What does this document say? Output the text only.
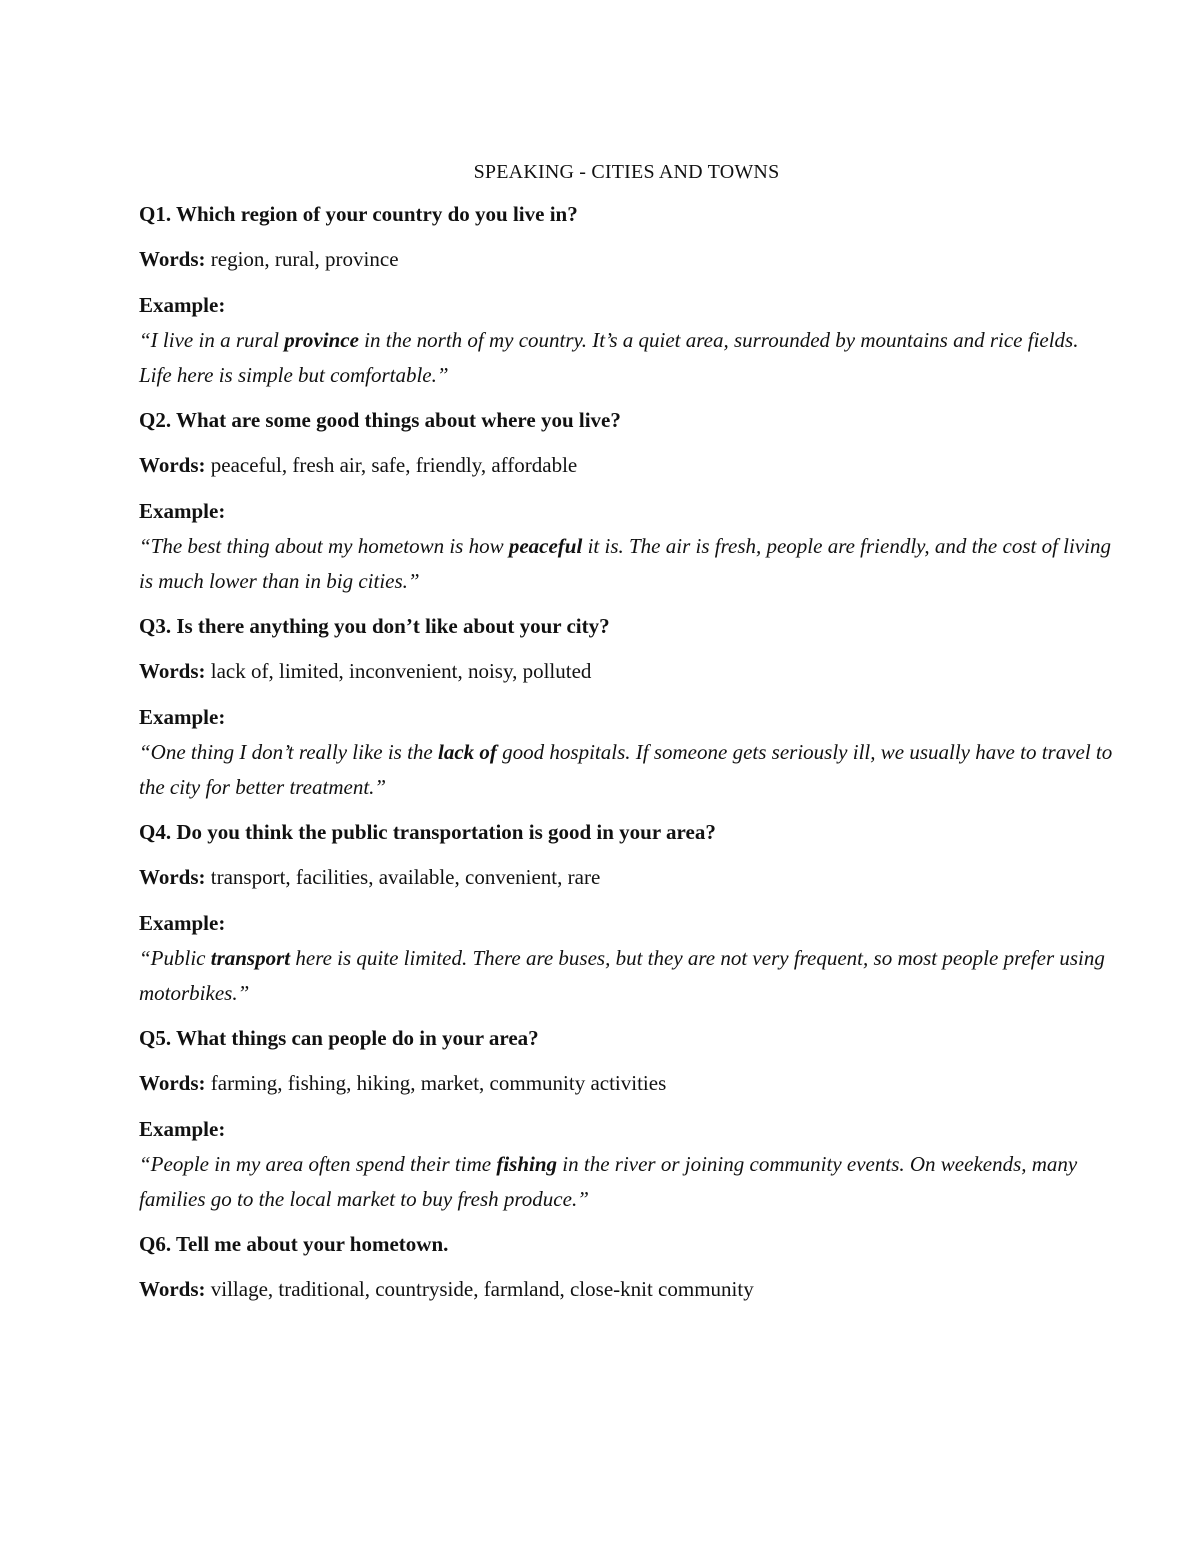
SPEAKING - CITIES AND TOWNS

Q1. Which region of your country do you live in?

Words: region, rural, province

Example:

“I live in a rural province in the north of my country. It’s a quiet area, surrounded by mountains and rice fields. Life here is simple but comfortable.”

Q2. What are some good things about where you live?

Words: peaceful, fresh air, safe, friendly, affordable

Example:

“The best thing about my hometown is how peaceful it is. The air is fresh, people are friendly, and the cost of living is much lower than in big cities.”

Q3. Is there anything you don’t like about your city?

Words: lack of, limited, inconvenient, noisy, polluted

Example:

“One thing I don’t really like is the lack of good hospitals. If someone gets seriously ill, we usually have to travel to the city for better treatment.”

Q4. Do you think the public transportation is good in your area?

Words: transport, facilities, available, convenient, rare

Example:

“Public transport here is quite limited. There are buses, but they are not very frequent, so most people prefer using motorbikes.”

Q5. What things can people do in your area?

Words: farming, fishing, hiking, market, community activities

Example:

“People in my area often spend their time fishing in the river or joining community events. On weekends, many families go to the local market to buy fresh produce.”

Q6. Tell me about your hometown.

Words: village, traditional, countryside, farmland, close-knit community
